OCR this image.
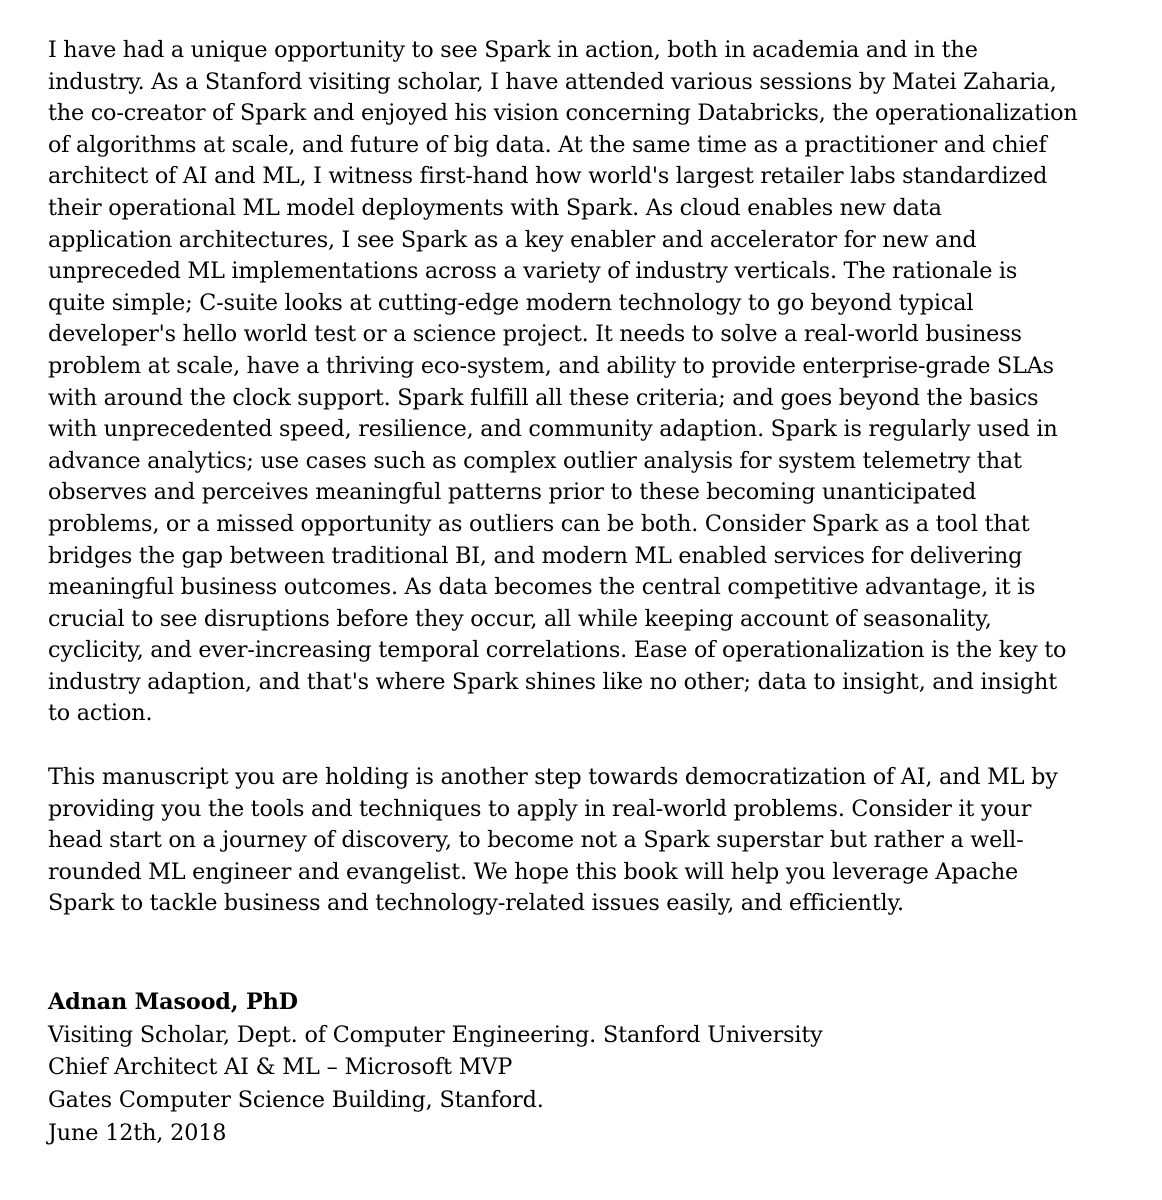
I have had a unique opportunity to see Spark in action, both in academia and in the
industry. As a Stanford visiting scholar, I have attended various sessions by Matei Zaharia,
the co-creator of Spark and enjoyed his vision concerning Databricks, the operationalization
of algorithms at scale, and future of big data. At the same time as a practitioner and chief
architect of AI and ML, I witness first-hand how world's largest retailer labs standardized
their operational ML model deployments with Spark. As cloud enables new data
application architectures, I see Spark as a key enabler and accelerator for new and
unpreceded ML implementations across a variety of industry verticals. The rationale is
quite simple; C-suite looks at cutting-edge modern technology to go beyond typical
developer's hello world test or a science project. It needs to solve a real-world business
problem at scale, have a thriving eco-system, and ability to provide enterprise-grade SLAs
with around the clock support. Spark fulfill all these criteria; and goes beyond the basics
with unprecedented speed, resilience, and community adaption. Spark is regularly used in
advance analytics; use cases such as complex outlier analysis for system telemetry that
observes and perceives meaningful patterns prior to these becoming unanticipated
problems, or a missed opportunity as outliers can be both. Consider Spark as a tool that
bridges the gap between traditional BI, and modern ML enabled services for delivering
meaningful business outcomes. As data becomes the central competitive advantage, it is
crucial to see disruptions before they occur, all while keeping account of seasonality,
cyclicity, and ever-increasing temporal correlations. Ease of operationalization is the key to
industry adaption, and that's where Spark shines like no other; data to insight, and insight
to action.

This manuscript you are holding is another step towards democratization of AI, and ML by
providing you the tools and techniques to apply in real-world problems. Consider it your
head start on a journey of discovery, to become not a Spark superstar but rather a well-
rounded ML engineer and evangelist. We hope this book will help you leverage Apache
Spark to tackle business and technology-related issues easily, and efficiently.

Adnan Masood, PhD
Visiting Scholar, Dept. of Computer Engineering. Stanford University
Chief Architect AI & ML – Microsoft MVP
Gates Computer Science Building, Stanford.
June 12th, 2018
